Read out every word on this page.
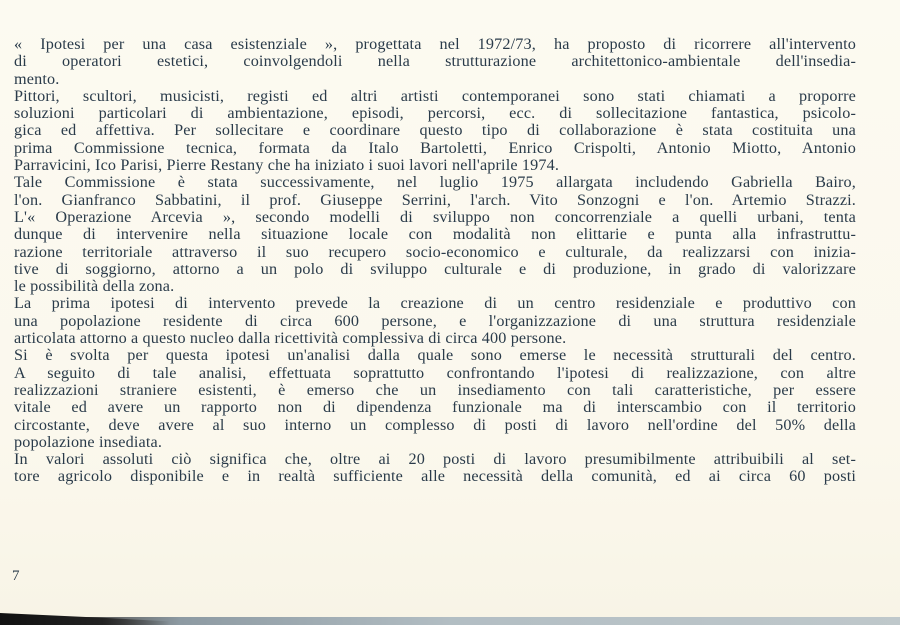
« Ipotesi per una casa esistenziale », progettata nel 1972/73, ha proposto di ricorrere all'intervento
di operatori estetici, coinvolgendoli nella strutturazione architettonico-ambientale dell'insedia-
mento.
Pittori, scultori, musicisti, registi ed altri artisti contemporanei sono stati chiamati a proporre
soluzioni particolari di ambientazione, episodi, percorsi, ecc. di sollecitazione fantastica, psicolo-
gica ed affettiva. Per sollecitare e coordinare questo tipo di collaborazione è stata costituita una
prima Commissione tecnica, formata da Italo Bartoletti, Enrico Crispolti, Antonio Miotto, Antonio
Parravicini, Ico Parisi, Pierre Restany che ha iniziato i suoi lavori nell'aprile 1974.
Tale Commissione è stata successivamente, nel luglio 1975 allargata includendo Gabriella Bairo,
l'on. Gianfranco Sabbatini, il prof. Giuseppe Serrini, l'arch. Vito Sonzogni e l'on. Artemio Strazzi.
L'« Operazione Arcevia », secondo modelli di sviluppo non concorrenziale a quelli urbani, tenta
dunque di intervenire nella situazione locale con modalità non elittarie e punta alla infrastruttu-
razione territoriale attraverso il suo recupero socio-economico e culturale, da realizzarsi con inizia-
tive di soggiorno, attorno a un polo di sviluppo culturale e di produzione, in grado di valorizzare
le possibilità della zona.
La prima ipotesi di intervento prevede la creazione di un centro residenziale e produttivo con
una popolazione residente di circa 600 persone, e l'organizzazione di una struttura residenziale
articolata attorno a questo nucleo dalla ricettività complessiva di circa 400 persone.
Si è svolta per questa ipotesi un'analisi dalla quale sono emerse le necessità strutturali del centro.
A seguito di tale analisi, effettuata soprattutto confrontando l'ipotesi di realizzazione, con altre
realizzazioni straniere esistenti, è emerso che un insediamento con tali caratteristiche, per essere
vitale ed avere un rapporto non di dipendenza funzionale ma di interscambio con il territorio
circostante, deve avere al suo interno un complesso di posti di lavoro nell'ordine del 50% della
popolazione insediata.
In valori assoluti ciò significa che, oltre ai 20 posti di lavoro presumibilmente attribuibili al set-
tore agricolo disponibile e in realtà sufficiente alle necessità della comunità, ed ai circa 60 posti
7
